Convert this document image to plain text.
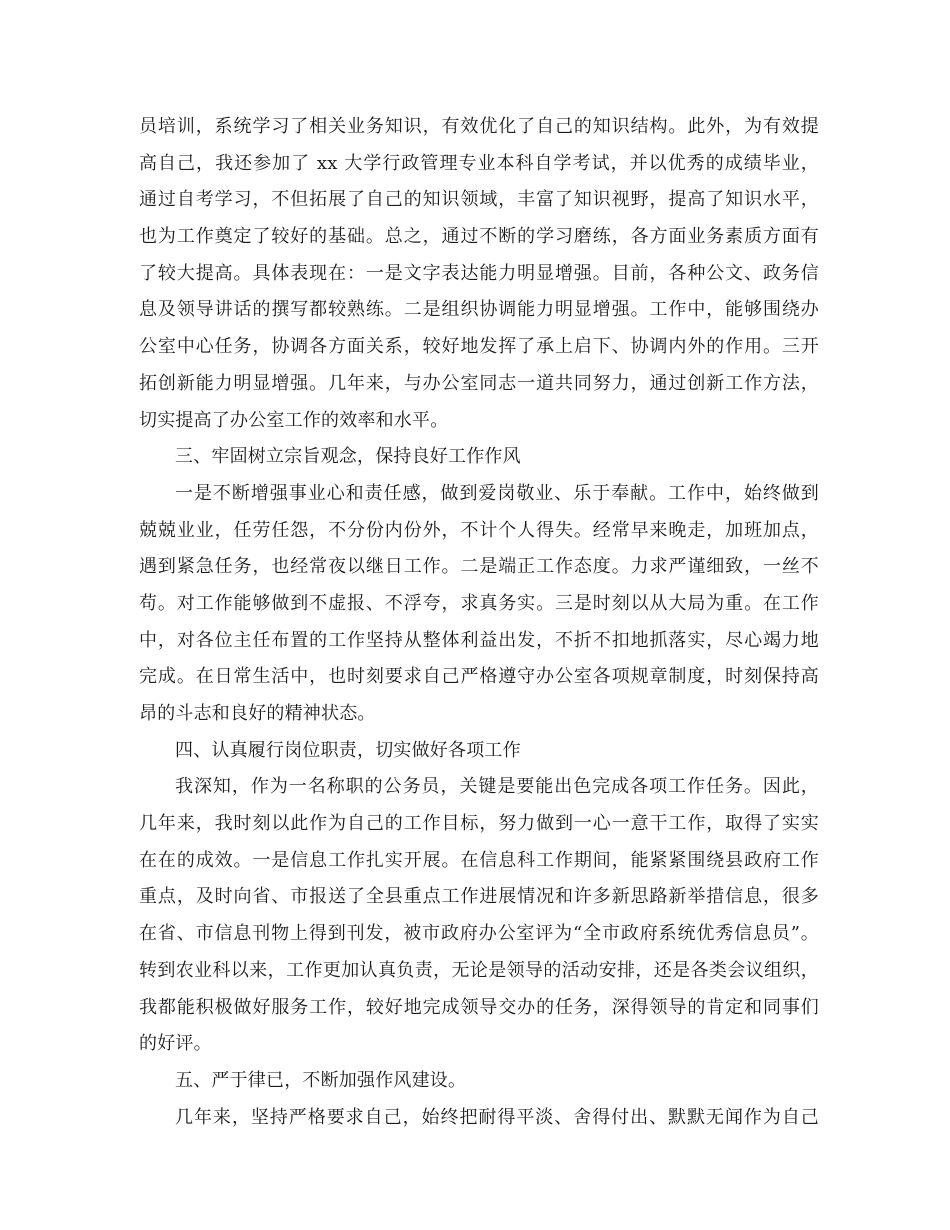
员培训，系统学习了相关业务知识，有效优化了自己的知识结构。此外，为有效提
高自己，我还参加了 xx 大学行政管理专业本科自学考试，并以优秀的成绩毕业，
通过自考学习，不但拓展了自己的知识领域，丰富了知识视野，提高了知识水平，
也为工作奠定了较好的基础。总之，通过不断的学习磨练，各方面业务素质方面有
了较大提高。具体表现在：一是文字表达能力明显增强。目前，各种公文、政务信
息及领导讲话的撰写都较熟练。二是组织协调能力明显增强。工作中，能够围绕办
公室中心任务，协调各方面关系，较好地发挥了承上启下、协调内外的作用。三开
拓创新能力明显增强。几年来，与办公室同志一道共同努力，通过创新工作方法，
切实提高了办公室工作的效率和水平。
三、牢固树立宗旨观念，保持良好工作作风
一是不断增强事业心和责任感，做到爱岗敬业、乐于奉献。工作中，始终做到
兢兢业业，任劳任怨，不分份内份外，不计个人得失。经常早来晚走，加班加点，
遇到紧急任务，也经常夜以继日工作。二是端正工作态度。力求严谨细致，一丝不
苟。对工作能够做到不虚报、不浮夸，求真务实。三是时刻以从大局为重。在工作
中，对各位主任布置的工作坚持从整体利益出发，不折不扣地抓落实，尽心竭力地
完成。在日常生活中，也时刻要求自己严格遵守办公室各项规章制度，时刻保持高
昂的斗志和良好的精神状态。
四、认真履行岗位职责，切实做好各项工作
我深知，作为一名称职的公务员，关键是要能出色完成各项工作任务。因此，
几年来，我时刻以此作为自己的工作目标，努力做到一心一意干工作，取得了实实
在在的成效。一是信息工作扎实开展。在信息科工作期间，能紧紧围绕县政府工作
重点，及时向省、市报送了全县重点工作进展情况和许多新思路新举措信息，很多
在省、市信息刊物上得到刊发，被市政府办公室评为“全市政府系统优秀信息员”。
转到农业科以来，工作更加认真负责，无论是领导的活动安排，还是各类会议组织，
我都能积极做好服务工作，较好地完成领导交办的任务，深得领导的肯定和同事们
的好评。
五、严于律已，不断加强作风建设。
几年来，坚持严格要求自己，始终把耐得平淡、舍得付出、默默无闻作为自己
